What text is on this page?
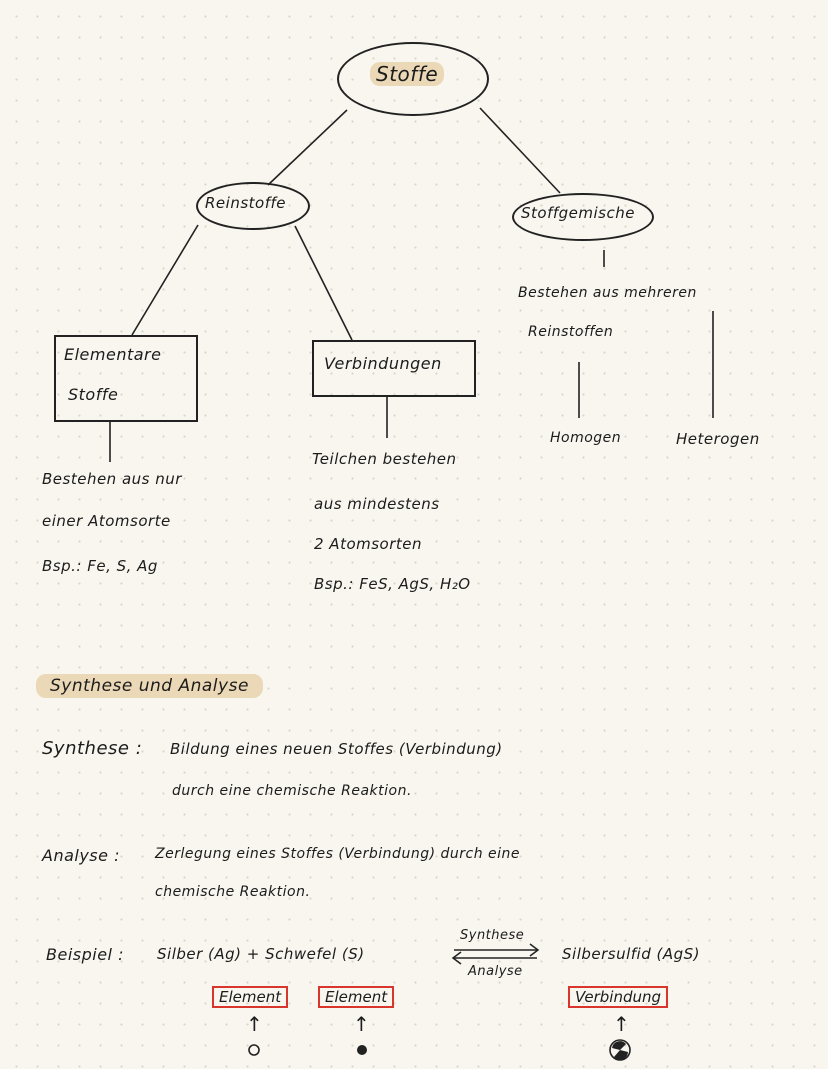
Stoffe
Reinstoffe
Stoffgemische
Elementare
Stoffe
Verbindungen
Bestehen aus nur
einer Atomsorte
Bsp.: Fe, S, Ag
Teilchen bestehen
aus mindestens
2 Atomsorten
Bsp.: FeS, AgS, H₂O
Bestehen aus mehreren
Reinstoffen
Homogen	Heterogen
Synthese und Analyse
Synthese : Bildung eines neuen Stoffes (Verbindung)
durch eine chemische Reaktion.
Analyse :	Zerlegung eines Stoffes (Verbindung) durch eine
chemische Reaktion.
Beispiel : Silber (Ag) + Schwefel (S)
Synthese
Analyse
Silbersulfid (AgS)
Element	Element	Verbindung
↑	↑	↑
